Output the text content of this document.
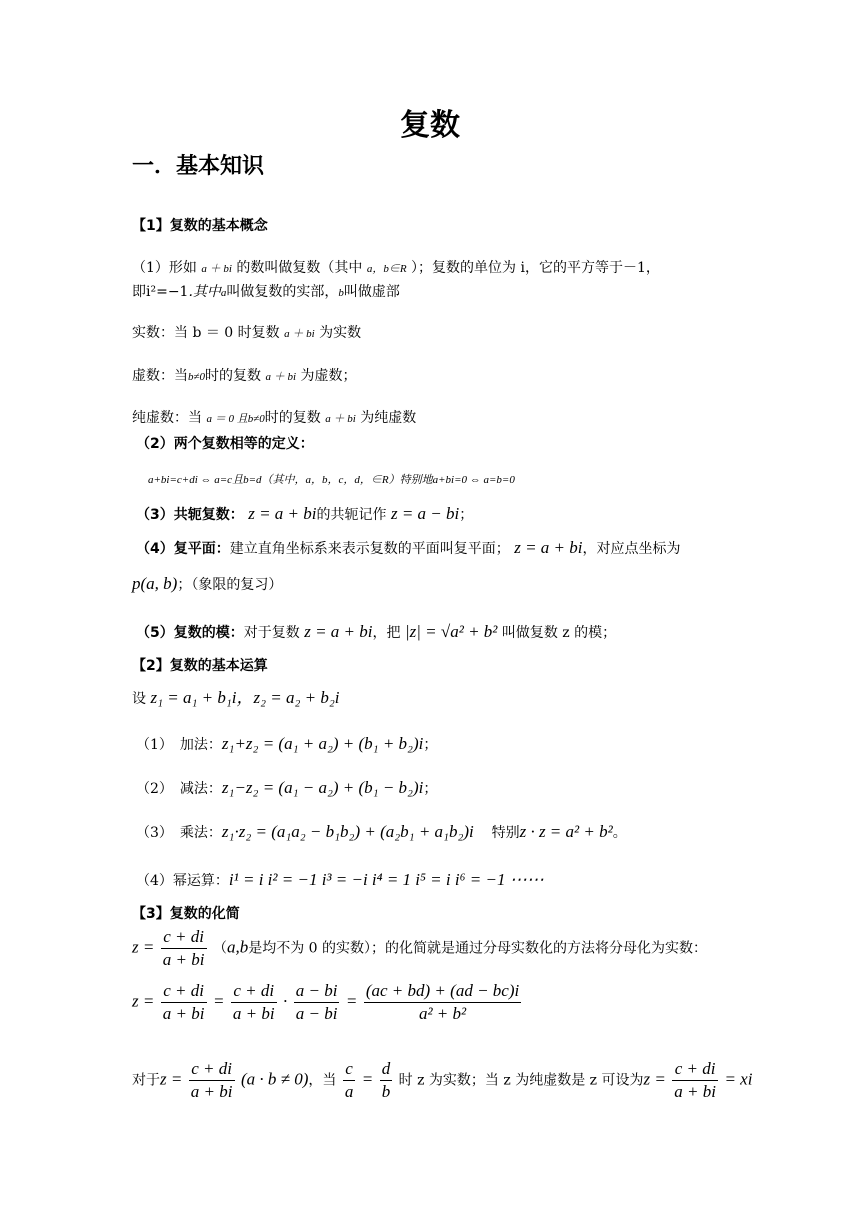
复数
一．基本知识
【1】复数的基本概念
（1）形如 a ＋ bi 的数叫做复数（其中 a，b∈R ）；复数的单位为 i，它的平方等于－1，
即i²=−1.其中a叫做复数的实部，b叫做虚部
实数：当 b ＝ 0 时复数 a ＋ bi 为实数
虚数：当b≠0时的复数 a ＋ bi 为虚数；
纯虚数：当 a ＝ 0 且b≠0时的复数 a ＋ bi 为纯虚数
（2）两个复数相等的定义：
a+bi=c+di ⇔ a=c且b=d（其中，a，b，c，d，∈R）特别地a+bi=0 ⇔ a=b=0
（3）共轭复数： z = a + bi的共轭记作 z = a − bi；
（4）复平面：建立直角坐标系来表示复数的平面叫复平面； z = a + bi，对应点坐标为
p(a, b)；（象限的复习）
（5）复数的模：对于复数 z = a + bi，把 |z| = √a² + b² 叫做复数 z 的模；
【2】复数的基本运算
设 z₁ = a₁ + b₁i，z₂ = a₂ + b₂i
（1）　加法：z₁+z₂ = (a₁ + a₂) + (b₁ + b₂)i；
（2）　减法：z₁−z₂ = (a₁ − a₂) + (b₁ − b₂)i；
（3）　乘法：z₁·z₂ = (a₁a₂ − b₁b₂) + (a₂b₁ + a₁b₂)i 特别z · z = a² + b²。
（4）幂运算：i¹ = i i² = −1 i³ = −i i⁴ = 1 i⁵ = i i⁶ = −1 ⋯⋯
【3】复数的化简
$z = \frac{c + di}{a + bi} (a,b$是均不为 0 的实数）；的化简就是通过分母实数化的方法将分母化为实数：
$z = \frac{c + di}{a + bi} = \frac{c + di}{a + bi} \cdot \frac{a - bi}{a - bi} = \frac{(ac + bd) + (ad - bc)i}{\text{a² + b²}}$
对于$z = \frac{c + di}{a + bi} (a \cdot b \ne 0)$，当 $\frac{c}{a} = \frac{d}{b}$ 时 z 为实数；当 z 为纯虚数是 z 可设为$z = \frac{c + di}{a + bi}$ = xi
